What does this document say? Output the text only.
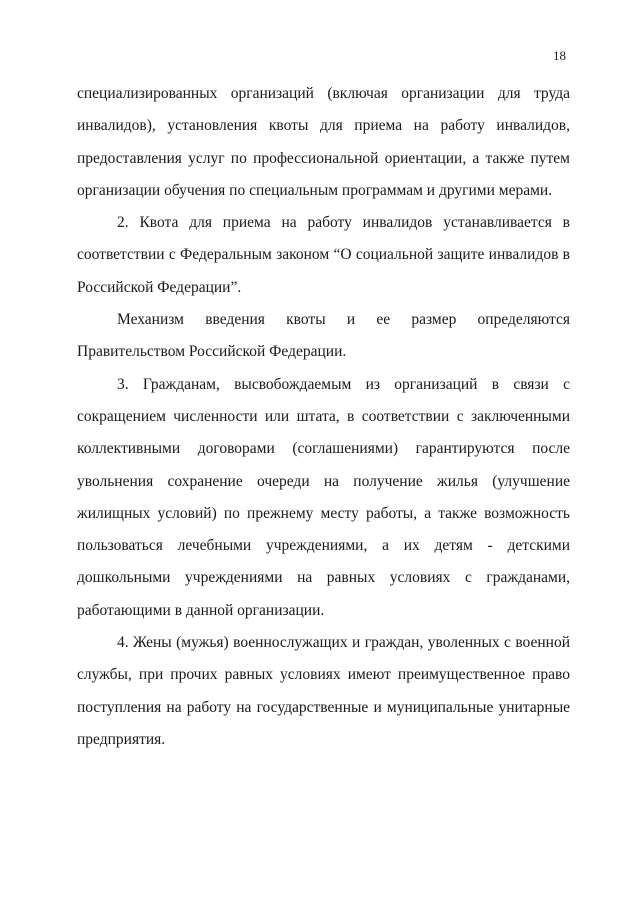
18

специализированных организаций (включая организации для труда инвалидов), установления квоты для приема на работу инвалидов, предоставления услуг по профессиональной ориентации, а также путем организации обучения по специальным программам и другими мерами.

2. Квота для приема на работу инвалидов устанавливается в соответствии с Федеральным законом “О социальной защите инвалидов в Российской Федерации”.

Механизм введения квоты и ее размер определяются Правительством Российской Федерации.

3. Гражданам, высвобождаемым из организаций в связи с сокращением численности или штата, в соответствии с заключенными коллективными договорами (соглашениями) гарантируются после увольнения сохранение очереди на получение жилья (улучшение жилищных условий) по прежнему месту работы, а также возможность пользоваться лечебными учреждениями, а их детям - детскими дошкольными учреждениями на равных условиях с гражданами, работающими в данной организации.

4. Жены (мужья) военнослужащих и граждан, уволенных с военной службы, при прочих равных условиях имеют преимущественное право поступления на работу на государственные и муниципальные унитарные предприятия.
